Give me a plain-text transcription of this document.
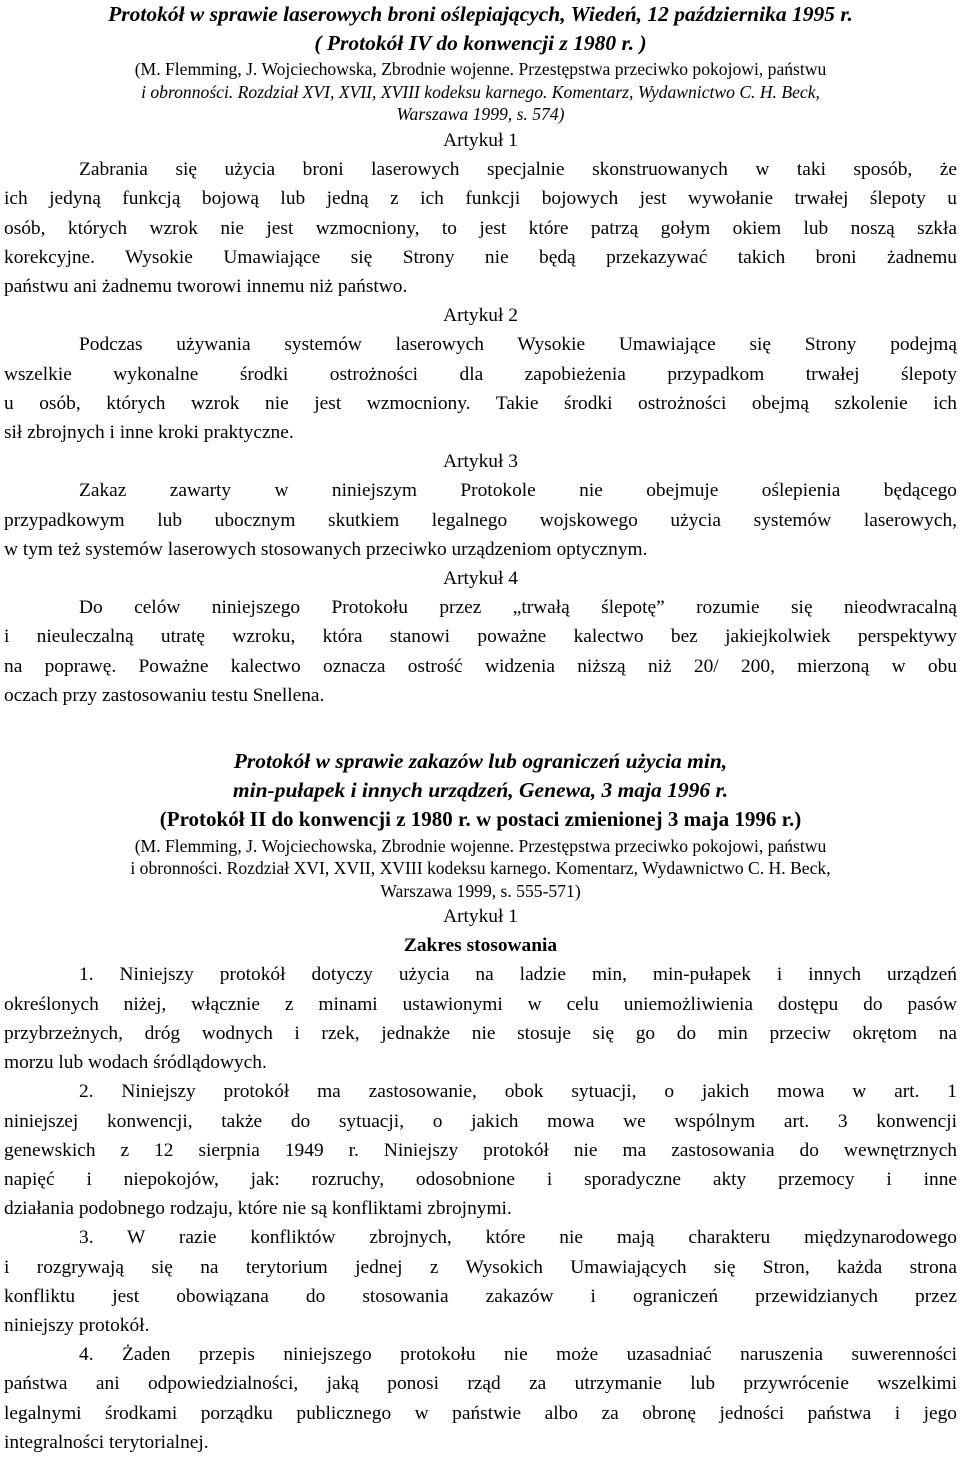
Protokół w sprawie laserowych broni oślepiających, Wiedeń, 12 października 1995 r.
( Protokół IV do konwencji z 1980 r. )
(M. Flemming, J. Wojciechowska, Zbrodnie wojenne. Przestępstwa przeciwko pokojowi, państwu
i obronności. Rozdział XVI, XVII, XVIII kodeksu karnego. Komentarz, Wydawnictwo C. H. Beck,
Warszawa 1999, s. 574)
Artykuł 1
Zabrania się użycia broni laserowych specjalnie skonstruowanych w taki sposób, że
ich jedyną funkcją bojową lub jedną z ich funkcji bojowych jest wywołanie trwałej ślepoty u
osób, których wzrok nie jest wzmocniony, to jest które patrzą gołym okiem lub noszą szkła
korekcyjne. Wysokie Umawiające się Strony nie będą przekazywać takich broni żadnemu
państwu ani żadnemu tworowi innemu niż państwo.
Artykuł 2
Podczas używania systemów laserowych Wysokie Umawiające się Strony podejmą
wszelkie wykonalne środki ostrożności dla zapobieżenia przypadkom trwałej ślepoty
u osób, których wzrok nie jest wzmocniony. Takie środki ostrożności obejmą szkolenie ich
sił zbrojnych i inne kroki praktyczne.
Artykuł 3
Zakaz zawarty w niniejszym Protokole nie obejmuje oślepienia będącego
przypadkowym lub ubocznym skutkiem legalnego wojskowego użycia systemów laserowych,
w tym też systemów laserowych stosowanych przeciwko urządzeniom optycznym.
Artykuł 4
Do celów niniejszego Protokołu przez „trwałą ślepotę” rozumie się nieodwracalną
i nieuleczalną utratę wzroku, która stanowi poważne kalectwo bez jakiejkolwiek perspektywy
na poprawę. Poważne kalectwo oznacza ostrość widzenia niższą niż 20/ 200, mierzoną w obu
oczach przy zastosowaniu testu Snellena.
Protokół w sprawie zakazów lub ograniczeń użycia min,
min-pułapek i innych urządzeń, Genewa, 3 maja 1996 r.
(Protokół II do konwencji z 1980 r. w postaci zmienionej 3 maja 1996 r.)
(M. Flemming, J. Wojciechowska, Zbrodnie wojenne. Przestępstwa przeciwko pokojowi, państwu
i obronności. Rozdział XVI, XVII, XVIII kodeksu karnego. Komentarz, Wydawnictwo C. H. Beck,
Warszawa 1999, s. 555-571)
Artykuł 1
Zakres stosowania
1. Niniejszy protokół dotyczy użycia na ladzie min, min-pułapek i innych urządzeń
określonych niżej, włącznie z minami ustawionymi w celu uniemożliwienia dostępu do pasów
przybrzeżnych, dróg wodnych i rzek, jednakże nie stosuje się go do min przeciw okrętom na
morzu lub wodach śródlądowych.
2. Niniejszy protokół ma zastosowanie, obok sytuacji, o jakich mowa w art. 1
niniejszej konwencji, także do sytuacji, o jakich mowa we wspólnym art. 3 konwencji
genewskich z 12 sierpnia 1949 r. Niniejszy protokół nie ma zastosowania do wewnętrznych
napięć i niepokojów, jak: rozruchy, odosobnione i sporadyczne akty przemocy i inne
działania podobnego rodzaju, które nie są konfliktami zbrojnymi.
3. W razie konfliktów zbrojnych, które nie mają charakteru międzynarodowego
i rozgrywają się na terytorium jednej z Wysokich Umawiających się Stron, każda strona
konfliktu jest obowiązana do stosowania zakazów i ograniczeń przewidzianych przez
niniejszy protokół.
4. Żaden przepis niniejszego protokołu nie może uzasadniać naruszenia suwerenności
państwa ani odpowiedzialności, jaką ponosi rząd za utrzymanie lub przywrócenie wszelkimi
legalnymi środkami porządku publicznego w państwie albo za obronę jedności państwa i jego
integralności terytorialnej.
